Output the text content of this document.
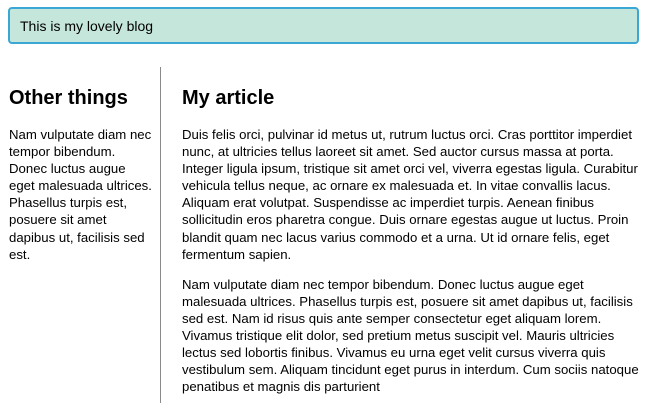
This is my lovely blog
Other things

Nam vulputate diam nec tempor bibendum. Donec luctus augue eget malesuada ultrices. Phasellus turpis est, posuere sit amet dapibus ut, facilisis sed est.

My article

Duis felis orci, pulvinar id metus ut, rutrum luctus orci. Cras porttitor imperdiet nunc, at ultricies tellus laoreet sit amet. Sed auctor cursus massa at porta. Integer ligula ipsum, tristique sit amet orci vel, viverra egestas ligula. Curabitur vehicula tellus neque, ac ornare ex malesuada et. In vitae convallis lacus. Aliquam erat volutpat. Suspendisse ac imperdiet turpis. Aenean finibus sollicitudin eros pharetra congue. Duis ornare egestas augue ut luctus. Proin blandit quam nec lacus varius commodo et a urna. Ut id ornare felis, eget fermentum sapien.

Nam vulputate diam nec tempor bibendum. Donec luctus augue eget malesuada ultrices. Phasellus turpis est, posuere sit amet dapibus ut, facilisis sed est. Nam id risus quis ante semper consectetur eget aliquam lorem. Vivamus tristique elit dolor, sed pretium metus suscipit vel. Mauris ultricies lectus sed lobortis finibus. Vivamus eu urna eget velit cursus viverra quis vestibulum sem. Aliquam tincidunt eget purus in interdum. Cum sociis natoque penatibus et magnis dis parturient
